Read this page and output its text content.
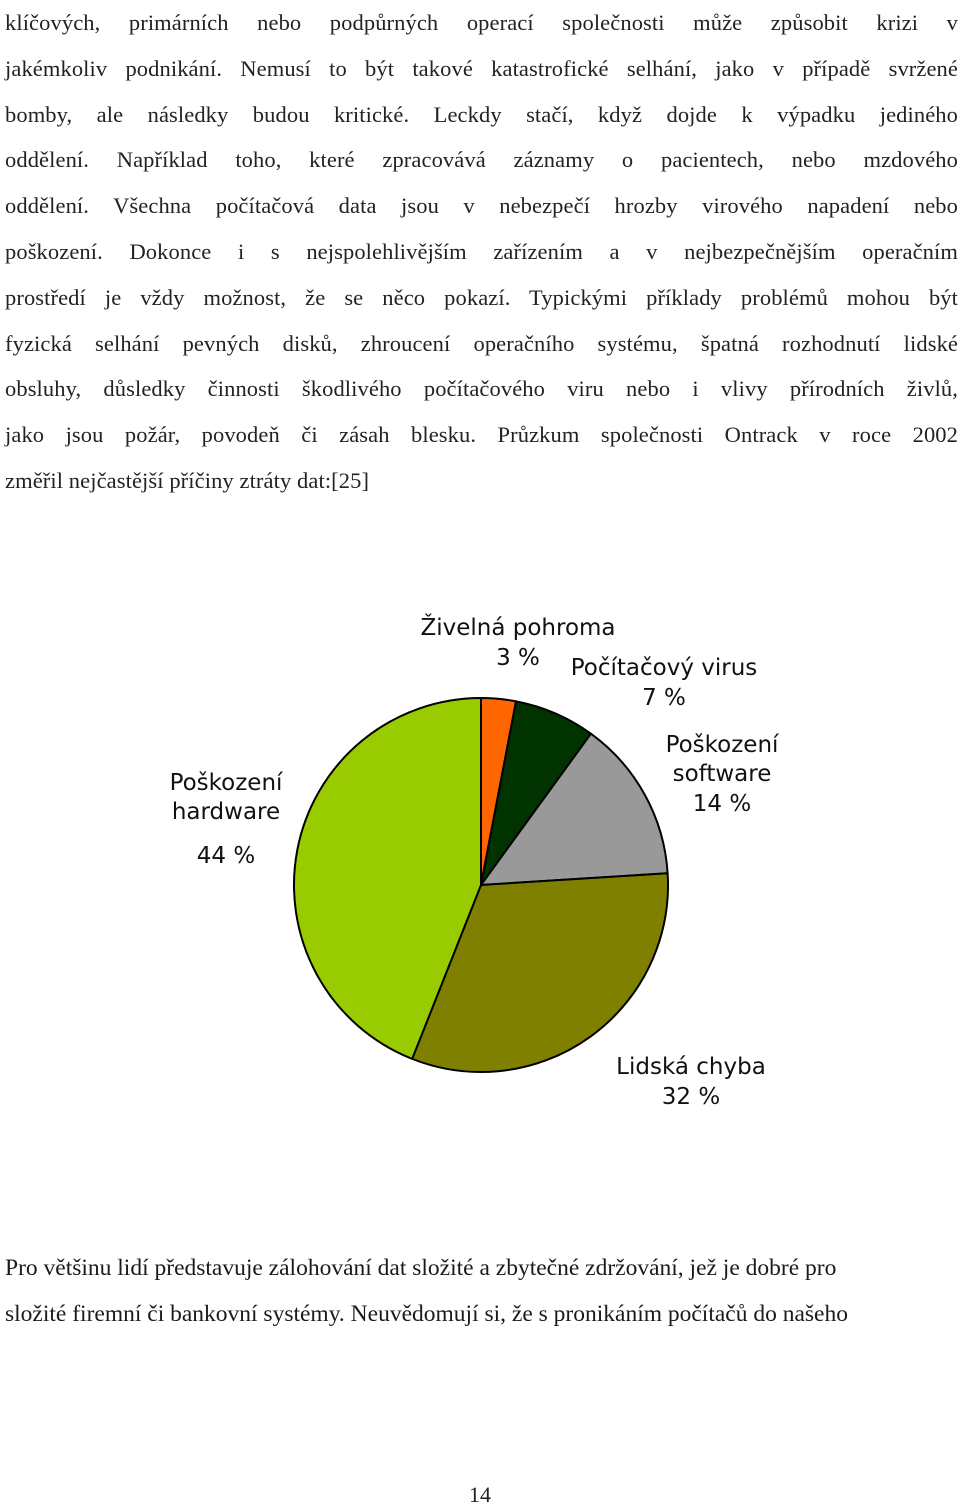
klíčových, primárních nebo podpůrných operací společnosti může způsobit krizi v
jakémkoliv podnikání. Nemusí to být takové katastrofické selhání, jako v případě svržené
bomby, ale následky budou kritické. Leckdy stačí, když dojde k výpadku jediného
oddělení. Například toho, které zpracovává záznamy o pacientech, nebo mzdového
oddělení. Všechna počítačová data jsou v nebezpečí hrozby virového napadení nebo
poškození. Dokonce i s nejspolehlivějším zařízením a v nejbezpečnějším operačním
prostředí je vždy možnost, že se něco pokazí. Typickými příklady problémů mohou být
fyzická selhání pevných disků, zhroucení operačního systému, špatná rozhodnutí lidské
obsluhy, důsledky činnosti škodlivého počítačového viru nebo i vlivy přírodních živlů,
jako jsou požár, povodeň či zásah blesku. Průzkum společnosti Ontrack v roce 2002
změřil nejčastější příčiny ztráty dat:[25]
Živelná pohroma 3 %	Počítačový virus 7 %
Poškození software 14 %
Lidská chyba 32 %
Poškození hardware 44 %
Pro většinu lidí představuje zálohování dat složité a zbytečné zdržování, jež je dobré pro
složité firemní či bankovní systémy. Neuvědomují si, že s pronikáním počítačů do našeho
14
